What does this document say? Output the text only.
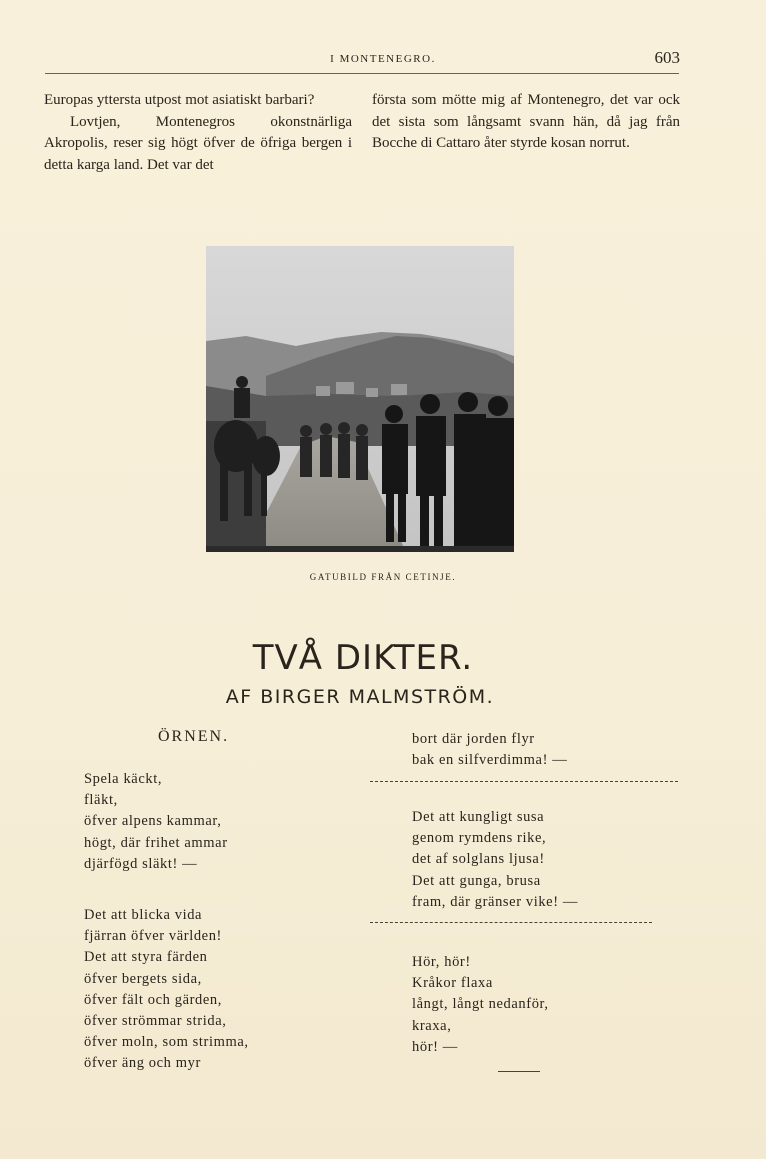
I MONTENEGRO.	603

Europas yttersta utpost mot asiatiskt barbari?

Lovtjen, Montenegros okonstnärliga Akropolis, reser sig högt öfver de öfriga bergen i detta karga land. Det var det

första som mötte mig af Montenegro, det var ock det sista som långsamt svann hän, då jag från Bocche di Cattaro åter styrde kosan norrut.

GATUBILD FRÅN CETINJE.
TVÅ DIKTER.
AF BIRGER MALMSTRÖM.
ÖRNEN.
Spela käckt,
fläkt,
öfver alpens kammar,
högt, där frihet ammar
djärfögd släkt! —
Det att blicka vida
fjärran öfver världen!
Det att styra färden
öfver bergets sida,
öfver fält och gärden,
öfver strömmar strida,
öfver moln, som strimma,
öfver äng och myr
bort där jorden flyr
bak en silfverdimma! —
Det att kungligt susa
genom rymdens rike,
det af solglans ljusa!
Det att gunga, brusa
fram, där gränser vike! —
Hör, hör!
Kråkor flaxa
långt, långt nedanför,
kraxa,
hör! —
